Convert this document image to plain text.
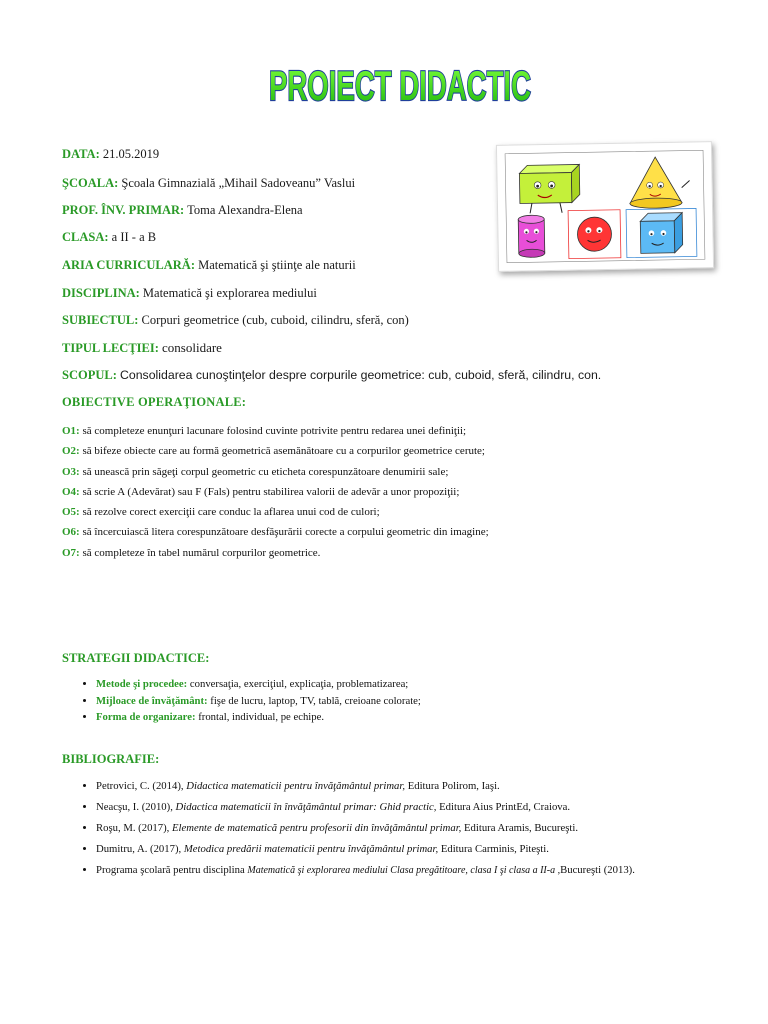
PROIECT DIDACTIC
DATA: 21.05.2019
ŞCOALA: Şcoala Gimnazială „Mihail Sadoveanu” Vaslui
PROF. ÎNV. PRIMAR: Toma Alexandra-Elena
CLASA: a II - a B
ARIA CURRICULARĂ: Matematică şi ştiinţe ale naturii
DISCIPLINA: Matematică şi explorarea mediului
SUBIECTUL: Corpuri geometrice (cub, cuboid, cilindru, sferă, con)
TIPUL LECŢIEI: consolidare
SCOPUL: Consolidarea cunoştinţelor despre corpurile geometrice: cub, cuboid, sferă, cilindru, con.
OBIECTIVE OPERAŢIONALE:
O1: să completeze enunţuri lacunare folosind cuvinte potrivite pentru redarea unei definiţii;
O2: să bifeze obiecte care au formă geometrică asemănătoare cu a corpurilor geometrice cerute;
O3: să unească prin săgeţi corpul geometric cu eticheta corespunzătoare denumirii sale;
O4: să scrie A (Adevărat) sau F (Fals) pentru stabilirea valorii de adevăr a unor propoziţii;
O5: să rezolve corect exerciţii care conduc la aflarea unui cod de culori;
O6: să încercuiască litera corespunzătoare desfăşurării corecte a corpului geometric din imagine;
O7: să completeze în tabel numărul corpurilor geometrice.
STRATEGII DIDACTICE:
• Metode şi procedee: conversaţia, exerciţiul, explicaţia, problematizarea;
• Mijloace de învăţământ: fişe de lucru, laptop, TV, tablă, creioane colorate;
• Forma de organizare: frontal, individual, pe echipe.
BIBLIOGRAFIE:
• Petrovici, C. (2014), Didactica matematicii pentru învăţământul primar, Editura Polirom, Iaşi.
• Neacşu, I. (2010), Didactica matematicii în învăţământul primar: Ghid practic, Editura Aius PrintEd, Craiova.
• Roşu, M. (2017), Elemente de matematică pentru profesorii din învăţământul primar, Editura Aramis, Bucureşti.
• Dumitru, A. (2017), Metodica predării matematicii pentru învăţământul primar, Editura Carminis, Piteşti.
• Programa şcolară pentru disciplina Matematică şi explorarea mediului Clasa pregătitoare, clasa I şi clasa a II-a ,Bucureşti (2013).
